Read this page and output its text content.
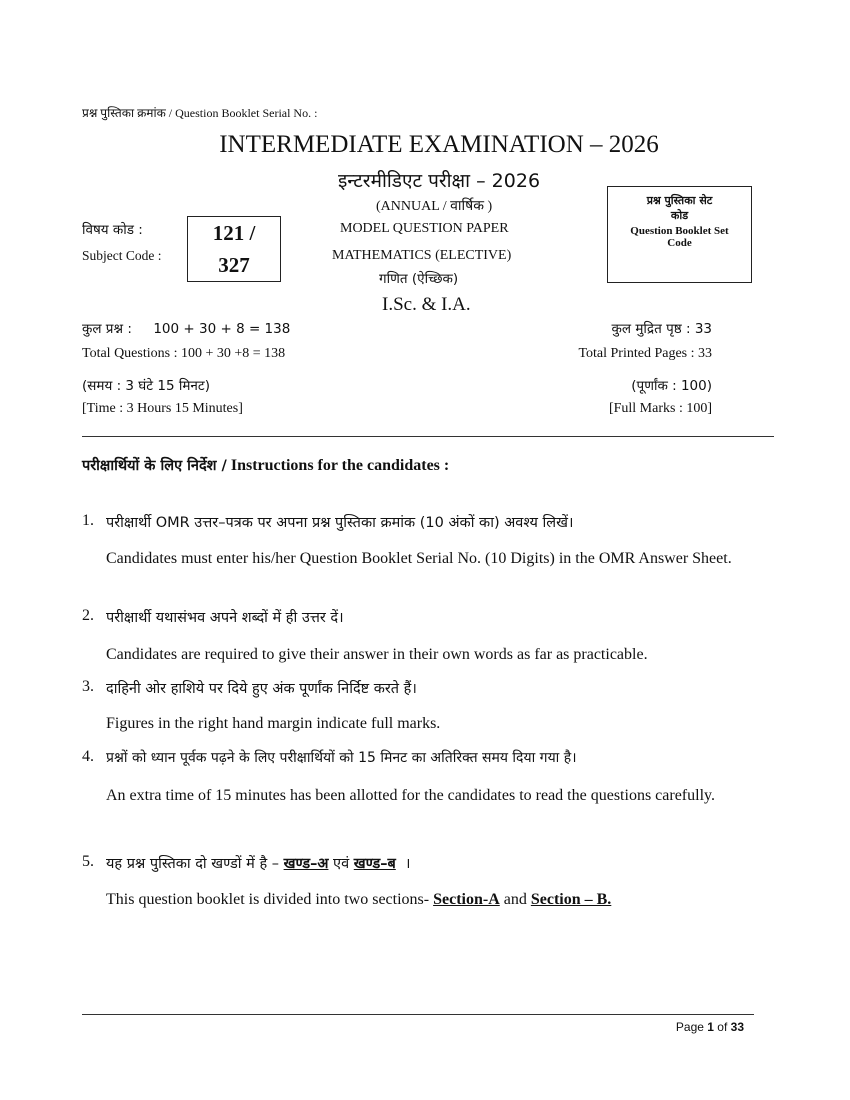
प्रश्न पुस्तिका क्रमांक / Question Booklet Serial No. :
INTERMEDIATE EXAMINATION – 2026
इन्टरमीडिएट परीक्षा – 2026
(ANNUAL / वार्षिक )
विषय कोड :
Subject Code :
121 /
327
MODEL QUESTION PAPER
MATHEMATICS (ELECTIVE)
गणित (ऐच्छिक)
I.Sc. & I.A.
प्रश्न पुस्तिका सेट
कोड
Question Booklet Set
Code
कुल प्रश्न :     100 + 30 + 8 = 138
Total Questions : 100 + 30 +8 = 138
(समय : 3 घंटे 15 मिनट)
[Time : 3 Hours 15 Minutes]
कुल मुद्रित पृष्ठ : 33
Total Printed Pages : 33
(पूर्णांक : 100)
[Full Marks : 100]
परीक्षार्थियों के लिए निर्देश / Instructions for the candidates :
1. परीक्षार्थी OMR उत्तर–पत्रक पर अपना प्रश्न पुस्तिका क्रमांक (10 अंकों का) अवश्य लिखें।
Candidates must enter his/her Question Booklet Serial No. (10 Digits) in the OMR Answer Sheet.
2. परीक्षार्थी यथासंभव अपने शब्दों में ही उत्तर दें।
Candidates are required to give their answer in their own words as far as practicable.
3. दाहिनी ओर हाशिये पर दिये हुए अंक पूर्णांक निर्दिष्ट करते हैं।
Figures in the right hand margin indicate full marks.
4. प्रश्नों को ध्यान पूर्वक पढ़ने के लिए परीक्षार्थियों को 15 मिनट का अतिरिक्त समय दिया गया है।
An extra time of 15 minutes has been allotted for the candidates to read the questions carefully.
5. यह प्रश्न पुस्तिका दो खण्डों में है – खण्ड–अ एवं खण्ड–ब  ।
This question booklet is divided into two sections- Section-A and Section – B.
Page 1 of 33
